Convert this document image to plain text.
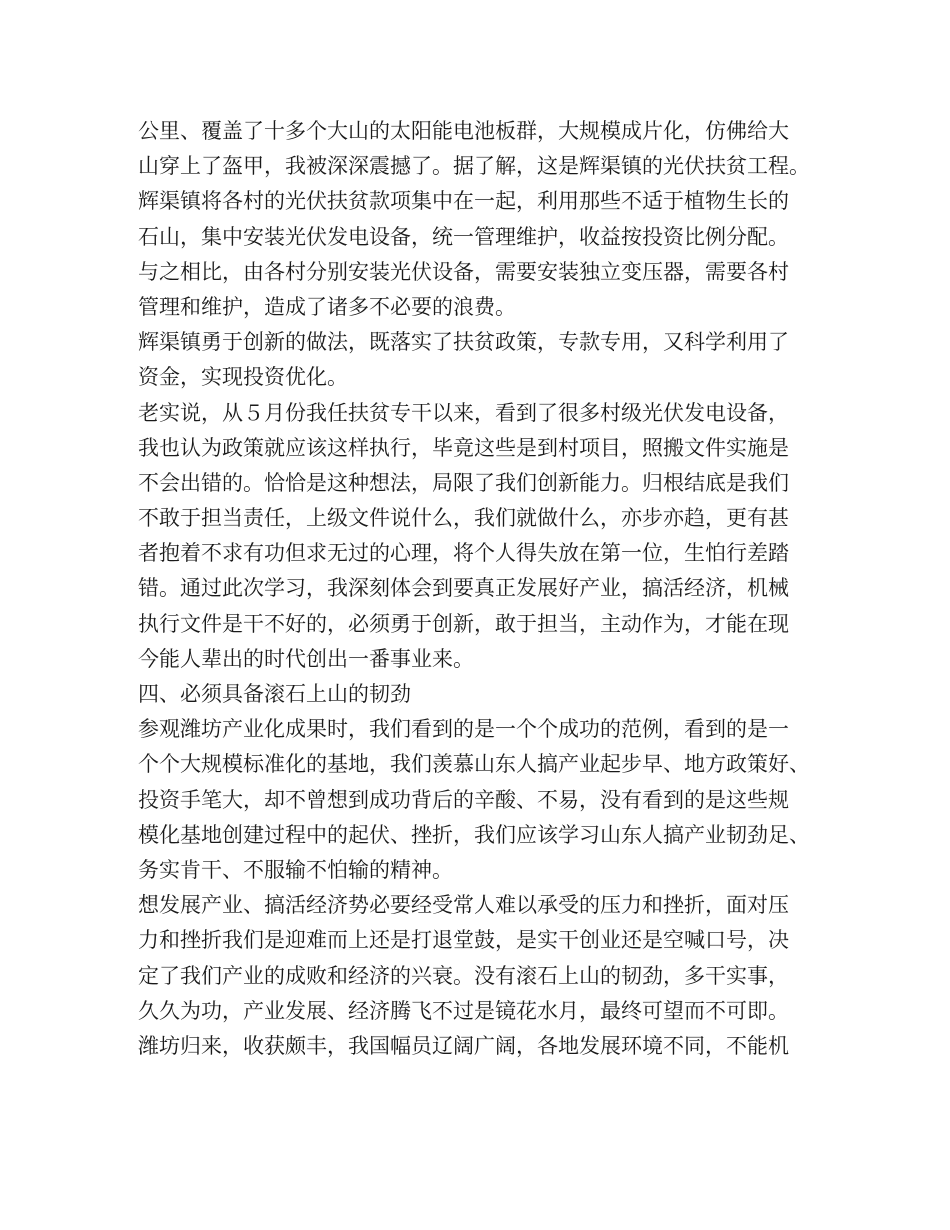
公里、覆盖了十多个大山的太阳能电池板群，大规模成片化，仿佛给大
山穿上了盔甲，我被深深震撼了。据了解，这是辉渠镇的光伏扶贫工程。
辉渠镇将各村的光伏扶贫款项集中在一起，利用那些不适于植物生长的
石山，集中安装光伏发电设备，统一管理维护，收益按投资比例分配。
与之相比，由各村分别安装光伏设备，需要安装独立变压器，需要各村
管理和维护，造成了诸多不必要的浪费。
辉渠镇勇于创新的做法，既落实了扶贫政策，专款专用，又科学利用了
资金，实现投资优化。
老实说，从５月份我任扶贫专干以来，看到了很多村级光伏发电设备，
我也认为政策就应该这样执行，毕竟这些是到村项目，照搬文件实施是
不会出错的。恰恰是这种想法，局限了我们创新能力。归根结底是我们
不敢于担当责任，上级文件说什么，我们就做什么，亦步亦趋，更有甚
者抱着不求有功但求无过的心理，将个人得失放在第一位，生怕行差踏
错。通过此次学习，我深刻体会到要真正发展好产业，搞活经济，机械
执行文件是干不好的，必须勇于创新，敢于担当，主动作为，才能在现
今能人辈出的时代创出一番事业来。
四、必须具备滚石上山的韧劲
参观潍坊产业化成果时，我们看到的是一个个成功的范例，看到的是一
个个大规模标准化的基地，我们羡慕山东人搞产业起步早、地方政策好、
投资手笔大，却不曾想到成功背后的辛酸、不易，没有看到的是这些规
模化基地创建过程中的起伏、挫折，我们应该学习山东人搞产业韧劲足、
务实肯干、不服输不怕输的精神。
想发展产业、搞活经济势必要经受常人难以承受的压力和挫折，面对压
力和挫折我们是迎难而上还是打退堂鼓，是实干创业还是空喊口号，决
定了我们产业的成败和经济的兴衰。没有滚石上山的韧劲，多干实事，
久久为功，产业发展、经济腾飞不过是镜花水月，最终可望而不可即。
潍坊归来，收获颇丰，我国幅员辽阔广阔，各地发展环境不同，不能机
